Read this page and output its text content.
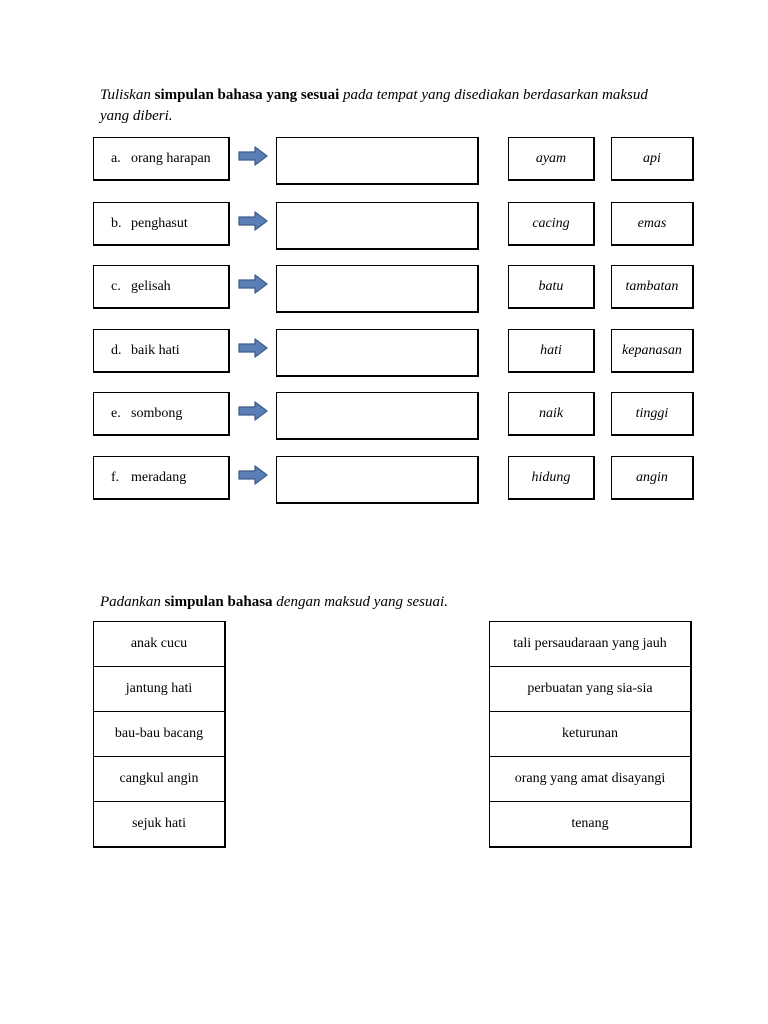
Tuliskan simpulan bahasa yang sesuai pada tempat yang disediakan berdasarkan maksud yang diberi.
a. orang harapan	ayam	api
b. penghasut	cacing	emas
c. gelisah	batu	tambatan
d. baik hati	hati	kepanasan
e. sombong	naik	tinggi
f. meradang	hidung	angin
Padankan simpulan bahasa dengan maksud yang sesuai.
anak cucu
jantung hati
bau-bau bacang
cangkul angin
sejuk hati
tali persaudaraan yang jauh
perbuatan yang sia-sia
keturunan
orang yang amat disayangi
tenang
